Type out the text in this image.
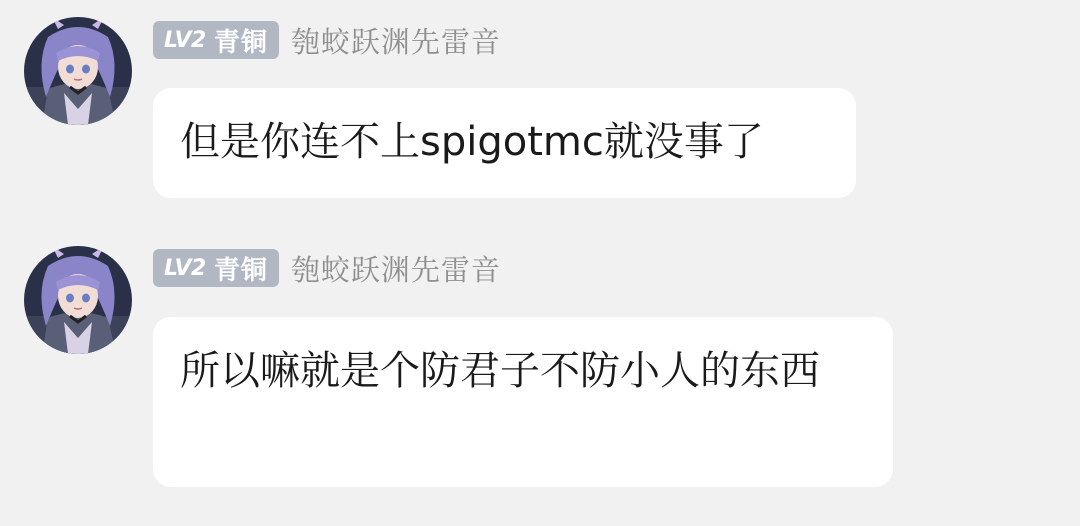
LV2 青铜 匏蛟跃渊先雷音
但是你连不上spigotmc就没事了
LV2 青铜 匏蛟跃渊先雷音
所以嘛就是个防君子不防小人的东西
